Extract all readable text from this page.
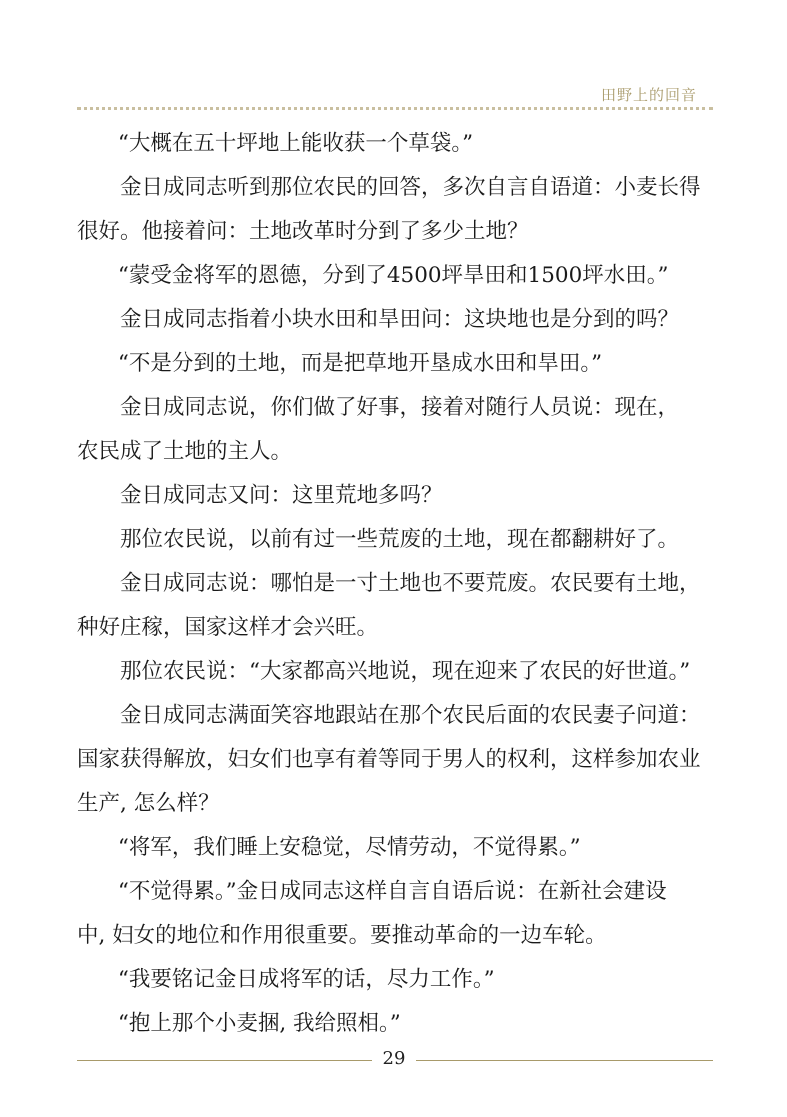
田野上的回音

“大概在五十坪地上能收获一个草袋。”

金日成同志听到那位农民的回答，多次自言自语道：小麦长得

很好。他接着问：土地改革时分到了多少土地？

“蒙受金将军的恩德，分到了4500坪旱田和1500坪水田。”

金日成同志指着小块水田和旱田问：这块地也是分到的吗？

“不是分到的土地，而是把草地开垦成水田和旱田。”

金日成同志说，你们做了好事，接着对随行人员说：现在，

农民成了土地的主人。

金日成同志又问：这里荒地多吗？

那位农民说，以前有过一些荒废的土地，现在都翻耕好了。

金日成同志说：哪怕是一寸土地也不要荒废。农民要有土地，

种好庄稼，国家这样才会兴旺。

那位农民说：“大家都高兴地说，现在迎来了农民的好世道。”

金日成同志满面笑容地跟站在那个农民后面的农民妻子问道：

国家获得解放，妇女们也享有着等同于男人的权利，这样参加农业

生产, 怎么样？

“将军，我们睡上安稳觉，尽情劳动，不觉得累。”

“不觉得累。”金日成同志这样自言自语后说：在新社会建设

中, 妇女的地位和作用很重要。要推动革命的一边车轮。

“我要铭记金日成将军的话，尽力工作。”

“抱上那个小麦捆, 我给照相。”

29
